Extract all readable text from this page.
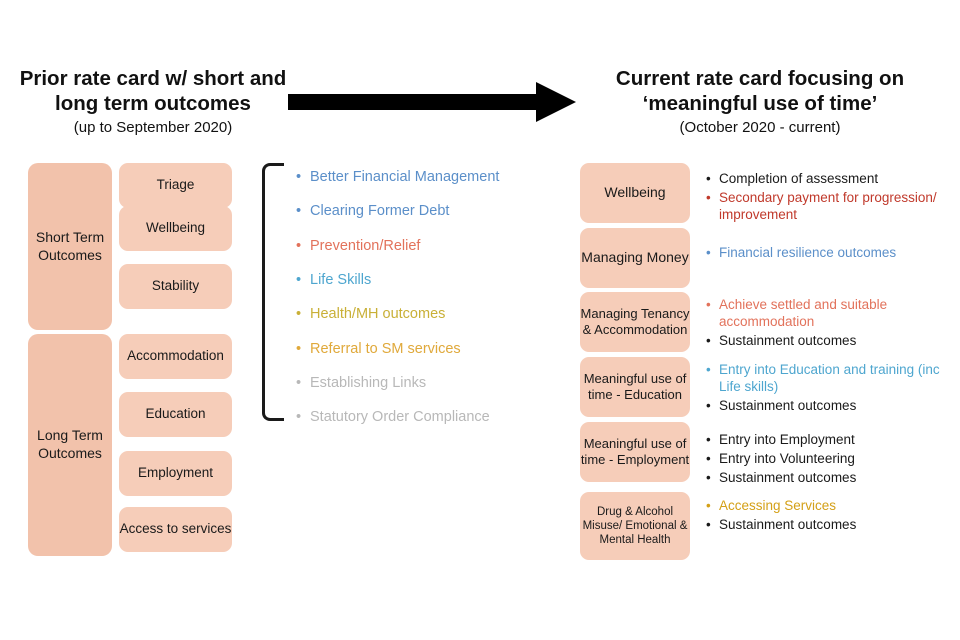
Prior rate card w/ short and long term outcomes
(up to September 2020)
Current rate card focusing on ‘meaningful use of time’
(October 2020 - current)
Short Term Outcomes
Long Term Outcomes
Triage
Wellbeing
Stability
Accommodation
Education
Employment
Access to services
• Better Financial Management
• Clearing Former Debt
• Prevention/Relief
• Life Skills
• Health/MH outcomes
• Referral to SM services
• Establishing Links
• Statutory Order Compliance
Wellbeing
Managing Money
Managing Tenancy & Accommodation
Meaningful use of time - Education
Meaningful use of time - Employment
Drug & Alcohol Misuse/ Emotional & Mental Health
• Completion of assessment
• Secondary payment for progression/ improvement
• Financial resilience outcomes
• Achieve settled and suitable accommodation
• Sustainment outcomes
• Entry into Education and training (inc Life skills)
• Sustainment outcomes
• Entry into Employment
• Entry into Volunteering
• Sustainment outcomes
• Accessing Services
• Sustainment outcomes
